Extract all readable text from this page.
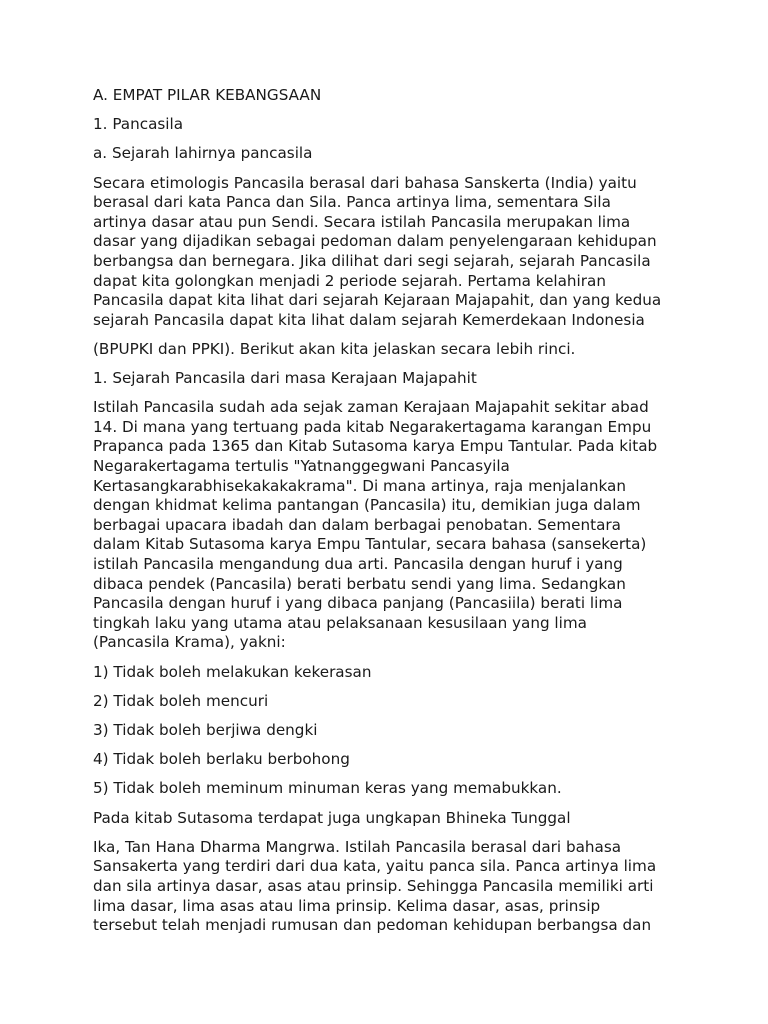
A. EMPAT PILAR KEBANGSAAN

1. Pancasila

a. Sejarah lahirnya pancasila

Secara etimologis Pancasila berasal dari bahasa Sanskerta (India) yaitu
berasal dari kata Panca dan Sila. Panca artinya lima, sementara Sila
artinya dasar atau pun Sendi. Secara istilah Pancasila merupakan lima
dasar yang dijadikan sebagai pedoman dalam penyelengaraan kehidupan
berbangsa dan bernegara. Jika dilihat dari segi sejarah, sejarah Pancasila
dapat kita golongkan menjadi 2 periode sejarah. Pertama kelahiran
Pancasila dapat kita lihat dari sejarah Kejaraan Majapahit, dan yang kedua
sejarah Pancasila dapat kita lihat dalam sejarah Kemerdekaan Indonesia

(BPUPKI dan PPKI). Berikut akan kita jelaskan secara lebih rinci.

1. Sejarah Pancasila dari masa Kerajaan Majapahit

Istilah Pancasila sudah ada sejak zaman Kerajaan Majapahit sekitar abad
14. Di mana yang tertuang pada kitab Negarakertagama karangan Empu
Prapanca pada 1365 dan Kitab Sutasoma karya Empu Tantular. Pada kitab
Negarakertagama tertulis "Yatnanggegwani Pancasyila
Kertasangkarabhisekakakakrama". Di mana artinya, raja menjalankan
dengan khidmat kelima pantangan (Pancasila) itu, demikian juga dalam
berbagai upacara ibadah dan dalam berbagai penobatan. Sementara
dalam Kitab Sutasoma karya Empu Tantular, secara bahasa (sansekerta)
istilah Pancasila mengandung dua arti. Pancasila dengan huruf i yang
dibaca pendek (Pancasila) berati berbatu sendi yang lima. Sedangkan
Pancasila dengan huruf i yang dibaca panjang (Pancasiila) berati lima
tingkah laku yang utama atau pelaksanaan kesusilaan yang lima
(Pancasila Krama), yakni:

1) Tidak boleh melakukan kekerasan

2) Tidak boleh mencuri

3) Tidak boleh berjiwa dengki

4) Tidak boleh berlaku berbohong

5) Tidak boleh meminum minuman keras yang memabukkan.

Pada kitab Sutasoma terdapat juga ungkapan Bhineka Tunggal

Ika, Tan Hana Dharma Mangrwa. Istilah Pancasila berasal dari bahasa
Sansakerta yang terdiri dari dua kata, yaitu panca sila. Panca artinya lima
dan sila artinya dasar, asas atau prinsip. Sehingga Pancasila memiliki arti
lima dasar, lima asas atau lima prinsip. Kelima dasar, asas, prinsip
tersebut telah menjadi rumusan dan pedoman kehidupan berbangsa dan
